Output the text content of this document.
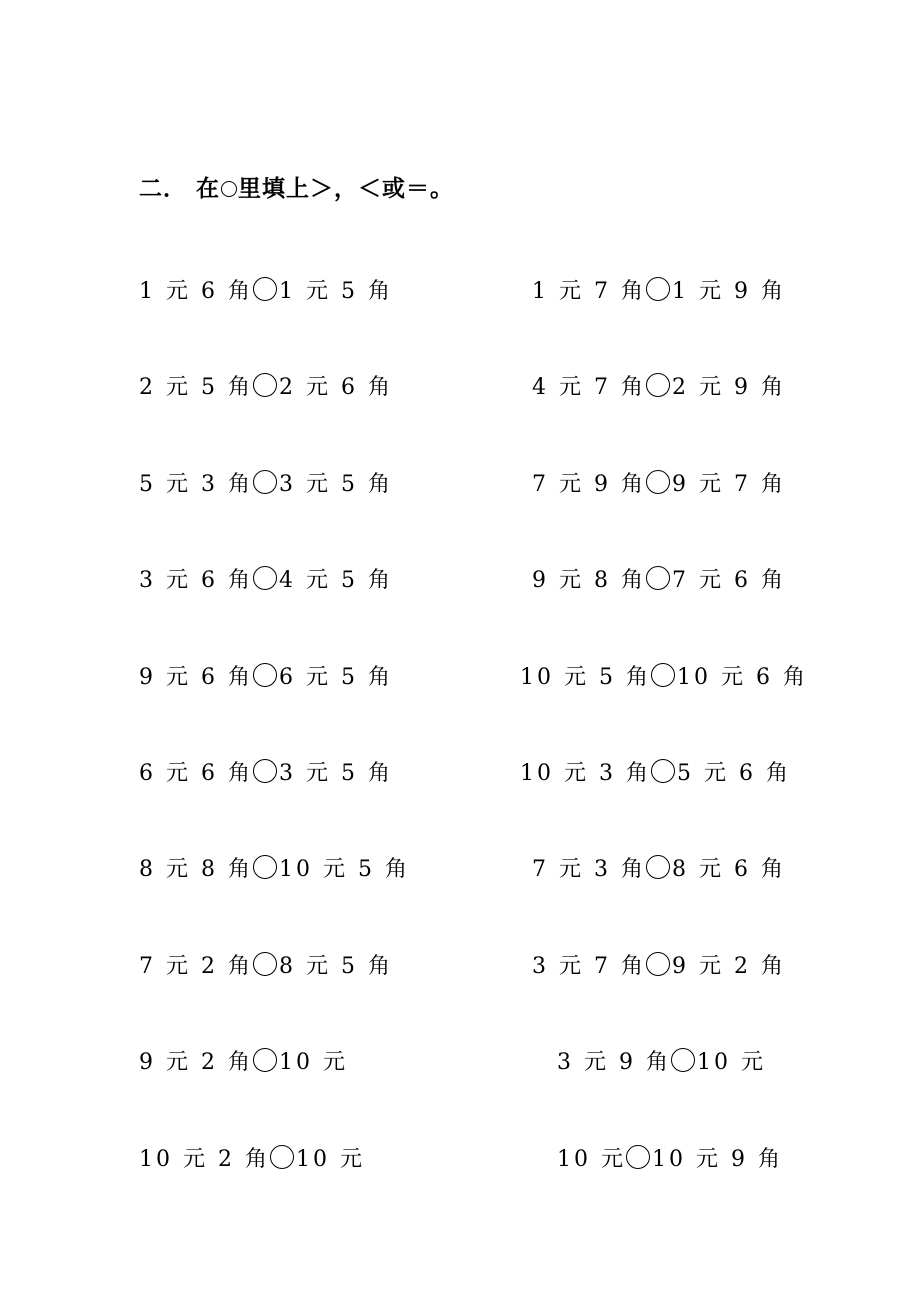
二． 在 里填上＞，＜或＝。
1 元 6 角 1 元 5 角	1 元 7 角 1 元 9 角
2 元 5 角 2 元 6 角	4 元 7 角 2 元 9 角
5 元 3 角 3 元 5 角	7 元 9 角 9 元 7 角
3 元 6 角 4 元 5 角	9 元 8 角 7 元 6 角
9 元 6 角 6 元 5 角	10 元 5 角 10 元 6 角
6 元 6 角 3 元 5 角	10 元 3 角 5 元 6 角
8 元 8 角 10 元 5 角	7 元 3 角 8 元 6 角
7 元 2 角 8 元 5 角	3 元 7 角 9 元 2 角
9 元 2 角 10 元	3 元 9 角 10 元
10 元 2 角 10 元	10 元 10 元 9 角
